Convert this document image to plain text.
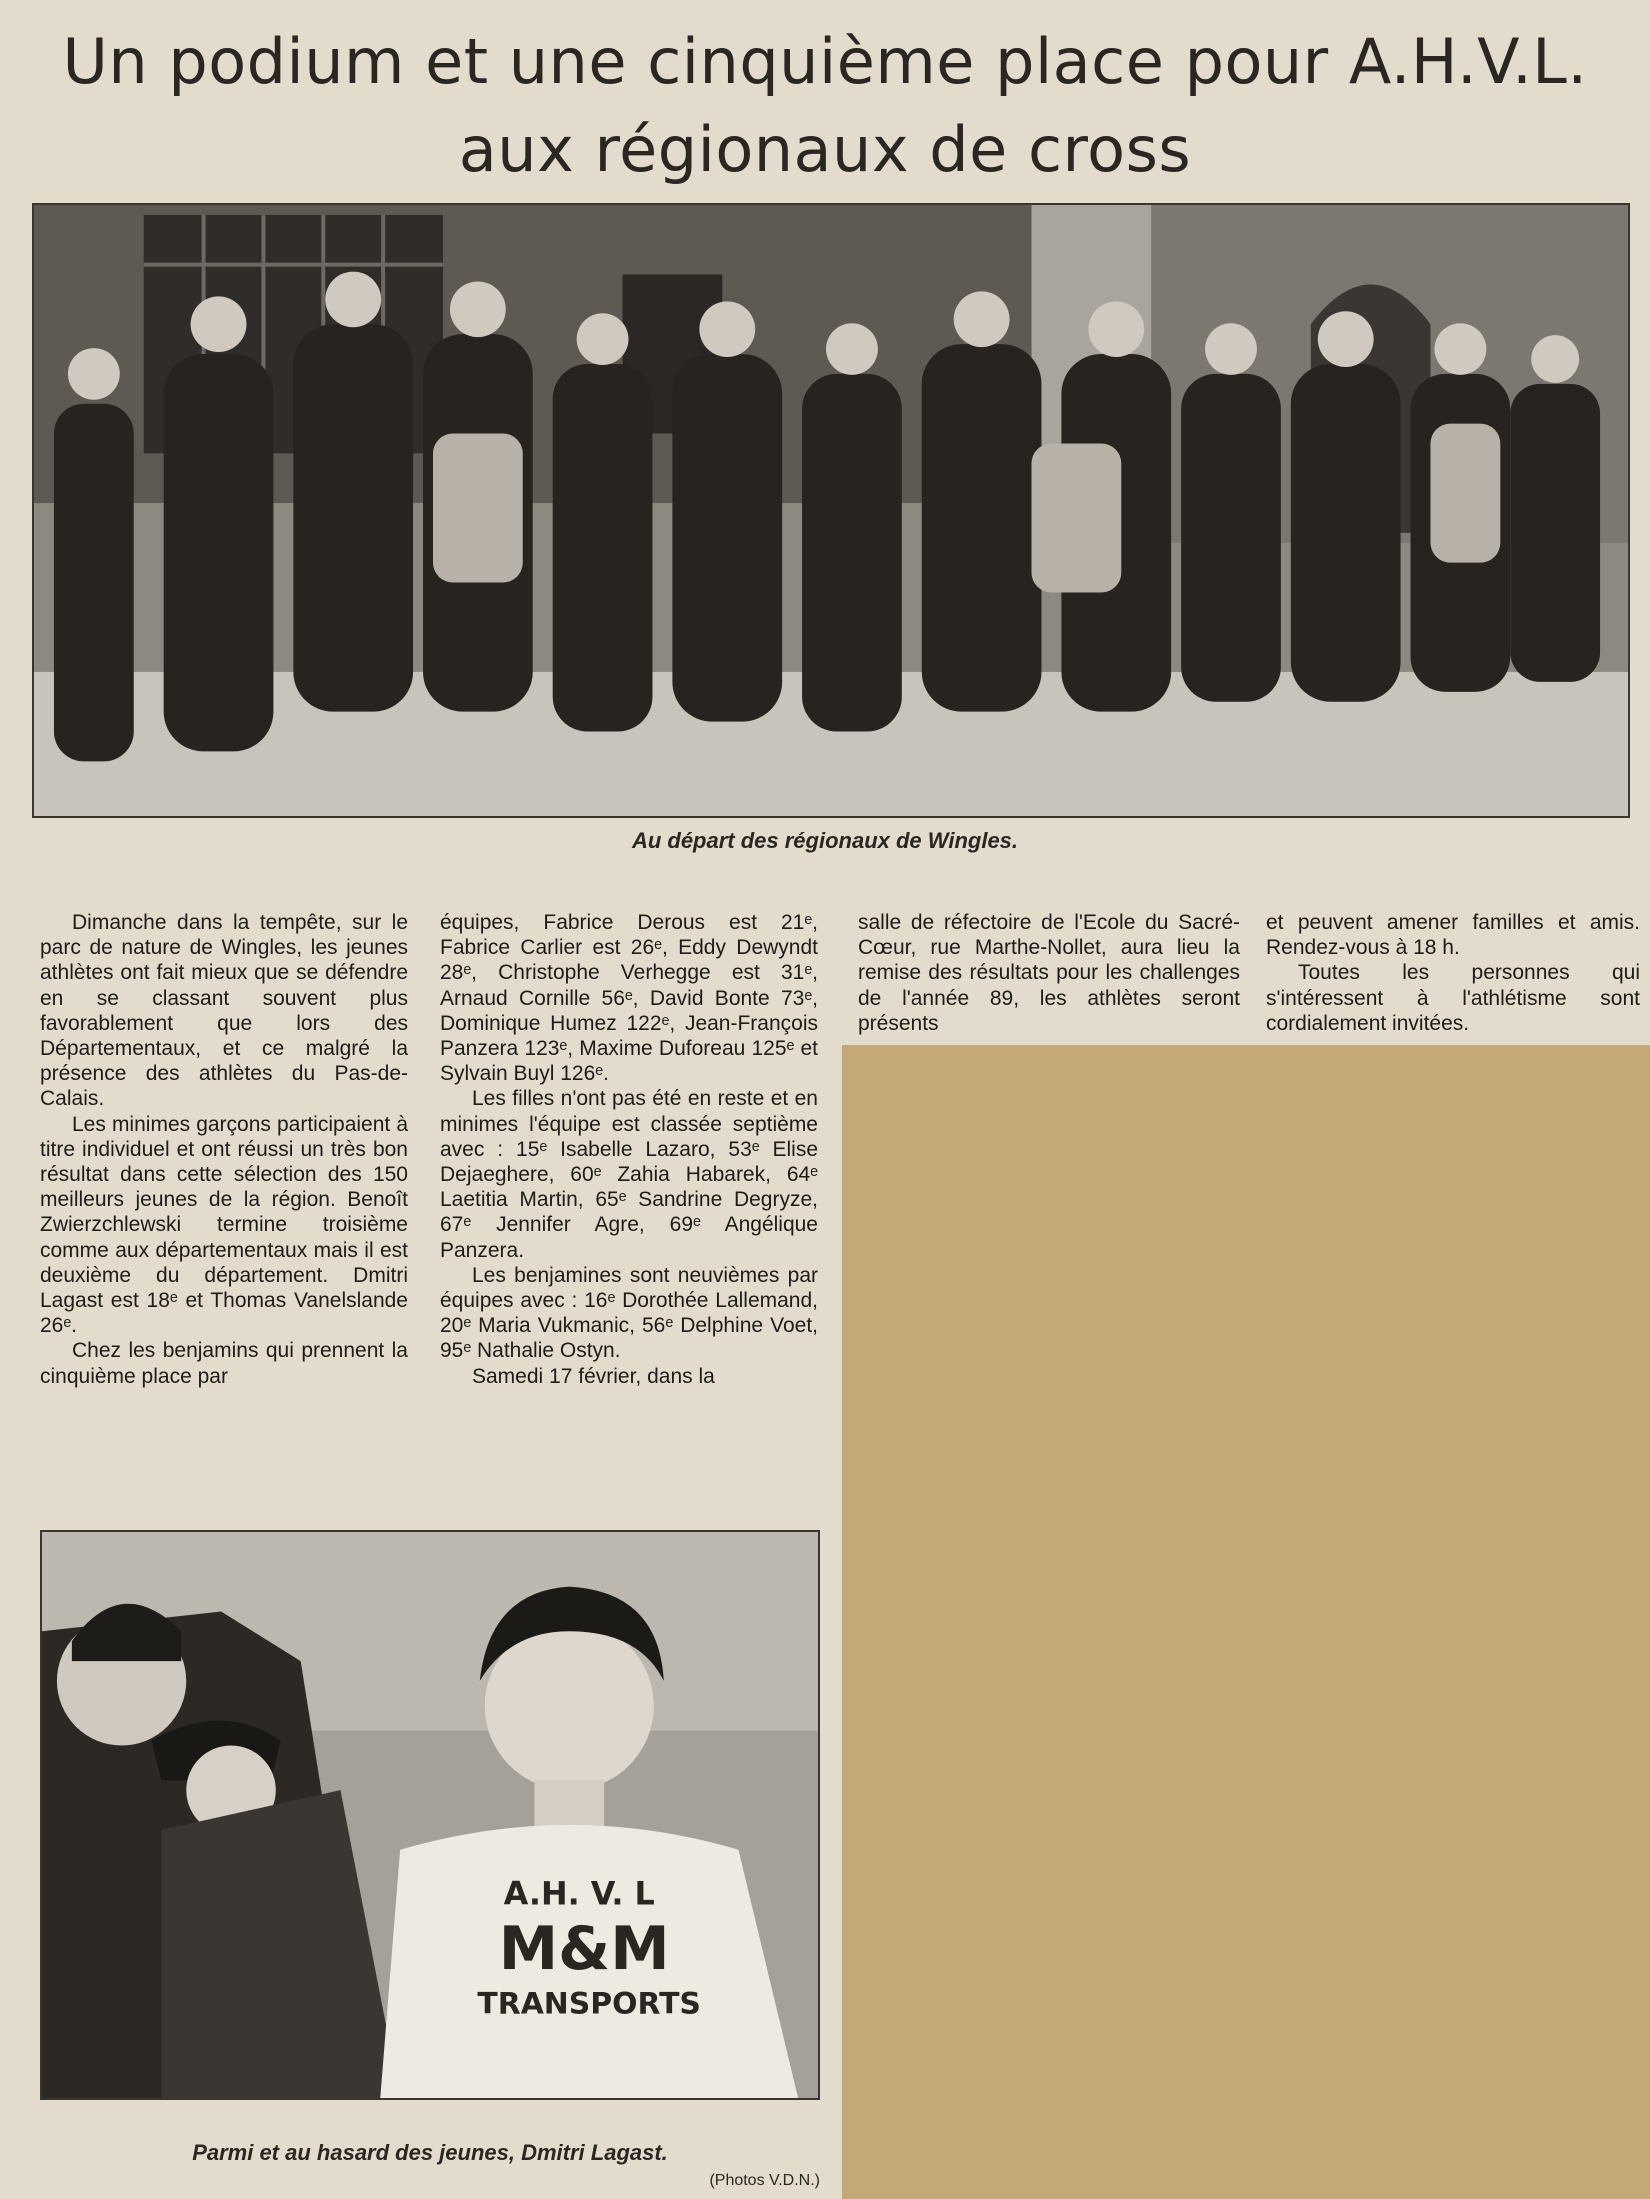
Un podium et une cinquième place pour A.H.V.L.
aux régionaux de cross
Au départ des régionaux de Wingles.

Dimanche dans la tempête, sur le parc de nature de Wingles, les jeunes athlètes ont fait mieux que se défendre en se classant souvent plus favorablement que lors des Départementaux, et ce malgré la présence des athlètes du Pas-de-Calais.

Les minimes garçons participaient à titre individuel et ont réussi un très bon résultat dans cette sélection des 150 meilleurs jeunes de la région. Benoît Zwierzchlewski termine troisième comme aux départementaux mais il est deuxième du département. Dmitri Lagast est 18ᵉ et Thomas Vanelslande 26ᵉ.

Chez les benjamins qui prennent la cinquième place par

équipes, Fabrice Derous est 21ᵉ, Fabrice Carlier est 26ᵉ, Eddy Dewyndt 28ᵉ, Christophe Verhegge est 31ᵉ, Arnaud Cornille 56ᵉ, David Bonte 73ᵉ, Dominique Humez 122ᵉ, Jean-François Panzera 123ᵉ, Maxime Duforeau 125ᵉ et Sylvain Buyl 126ᵉ.

Les filles n'ont pas été en reste et en minimes l'équipe est classée septième avec : 15ᵉ Isabelle Lazaro, 53ᵉ Elise Dejaeghere, 60ᵉ Zahia Habarek, 64ᵉ Laetitia Martin, 65ᵉ Sandrine Degryze, 67ᵉ Jennifer Agre, 69ᵉ Angélique Panzera.

Les benjamines sont neuvièmes par équipes avec : 16ᵉ Dorothée Lallemand, 20ᵉ Maria Vukmanic, 56ᵉ Delphine Voet, 95ᵉ Nathalie Ostyn.

Samedi 17 février, dans la

salle de réfectoire de l'Ecole du Sacré-Cœur, rue Marthe-Nollet, aura lieu la remise des résultats pour les challenges de l'année 89, les athlètes seront présents

et peuvent amener familles et amis. Rendez-vous à 18 h.

Toutes les personnes qui s'intéressent à l'athlétisme sont cordialement invitées.

A.H. V. L
M&M
TRANSPORTS
Parmi et au hasard des jeunes, Dmitri Lagast.
(Photos V.D.N.)
